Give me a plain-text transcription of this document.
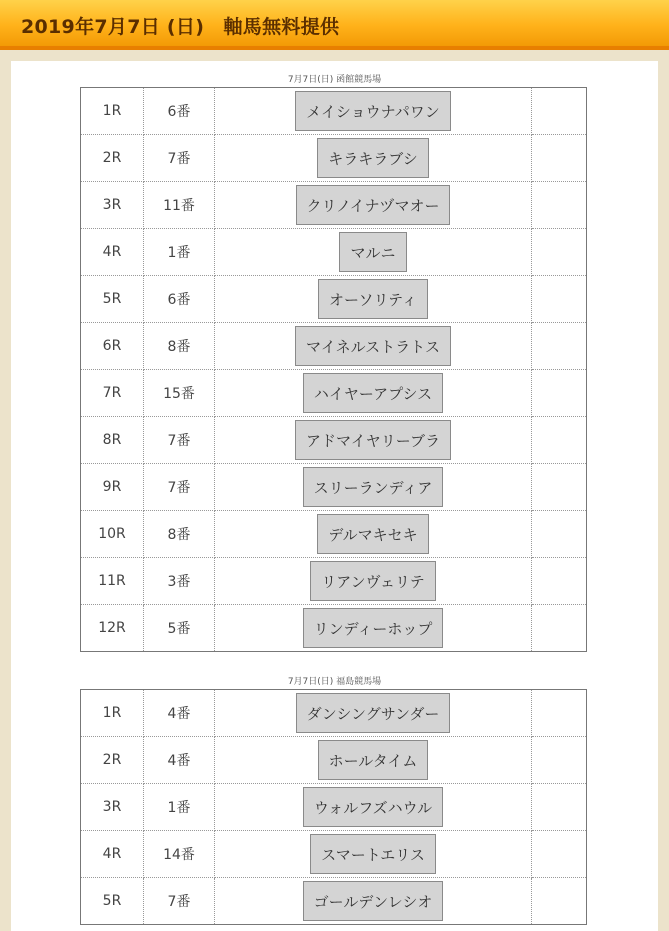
2019年7月7日 (日)　軸馬無料提供
7月7日(日) 函館競馬場
1R	6番	メイショウナパワン	
2R	7番	キラキラブシ	
3R	11番	クリノイナヅマオー	
4R	1番	マルニ	
5R	6番	オーソリティ	
6R	8番	マイネルストラトス	
7R	15番	ハイヤーアプシス	
8R	7番	アドマイヤリーブラ	
9R	7番	スリーランディア	
10R	8番	デルマキセキ	
11R	3番	リアンヴェリテ	
12R	5番	リンディーホップ	
7月7日(日) 福島競馬場
1R	4番	ダンシングサンダー	
2R	4番	ホールタイム	
3R	1番	ウォルフズハウル	
4R	14番	スマートエリス	
5R	7番	ゴールデンレシオ	
